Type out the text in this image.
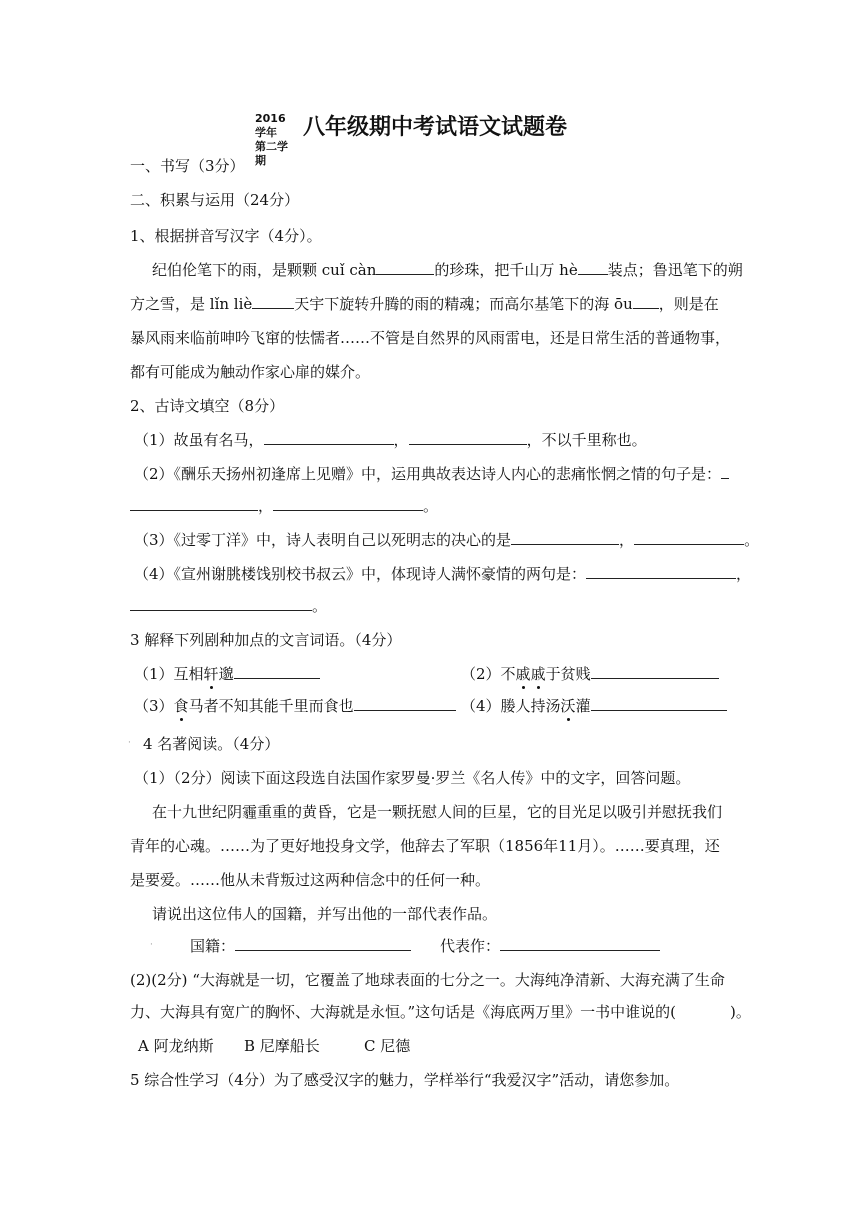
2016学年
第二学期
八年级期中考试语文试题卷
一、书写（3分）
二、积累与运用（24分）
1、根据拼音写汉字（4分）。
纪伯伦笔下的雨，是颗颗 cuǐ càn	的珍珠，把千山万 hè 装点；鲁迅笔下的朔
方之雪，是 lǐn liè	天宇下旋转升腾的雨的精魂；而高尔基笔下的海 ōu ，则是在
暴风雨来临前呻吟飞窜的怯懦者……不管是自然界的风雨雷电，还是日常生活的普通物事，
都有可能成为触动作家心扉的媒介。
2、古诗文填空（8分）
（1）故虽有名马，	，	，不以千里称也。
（2）《酬乐天扬州初逢席上见赠》中，运用典故表达诗人内心的悲痛怅惘之情的句子是：
，	。
（3）《过零丁洋》中，诗人表明自己以死明志的决心的是	，	。
（4）《宣州谢朓楼饯别校书叔云》中，体现诗人满怀豪情的两句是：	，
。
3 解释下列剧种加点的文言词语。（4分）
（1）互相轩邈	（2）不戚戚于贫贱
（3）食马者不知其能千里而食也	（4）媵人持汤沃灌
· 4 名著阅读。（4分）
（1）（2分）阅读下面这段选自法国作家罗曼·罗兰《名人传》中的文字，回答问题。
在十九世纪阴霾重重的黄昏，它是一颗抚慰人间的巨星，它的目光足以吸引并慰抚我们
青年的心魂。……为了更好地投身文学，他辞去了军职（1856年11月）。……要真理，还
是要爱。……他从未背叛过这两种信念中的任何一种。
请说出这位伟人的国籍，并写出他的一部代表作品。
· 国籍：	代表作：
(2)(2分) “大海就是一切，它覆盖了地球表面的七分之一。大海纯净清新、大海充满了生命
力、大海具有宽广的胸怀、大海就是永恒。”这句话是《海底两万里》一书中谁说的(	)。
A 阿龙纳斯 B 尼摩船长	C 尼德
5 综合性学习（4分）为了感受汉字的魅力，学样举行“我爱汉字”活动，请您参加。
